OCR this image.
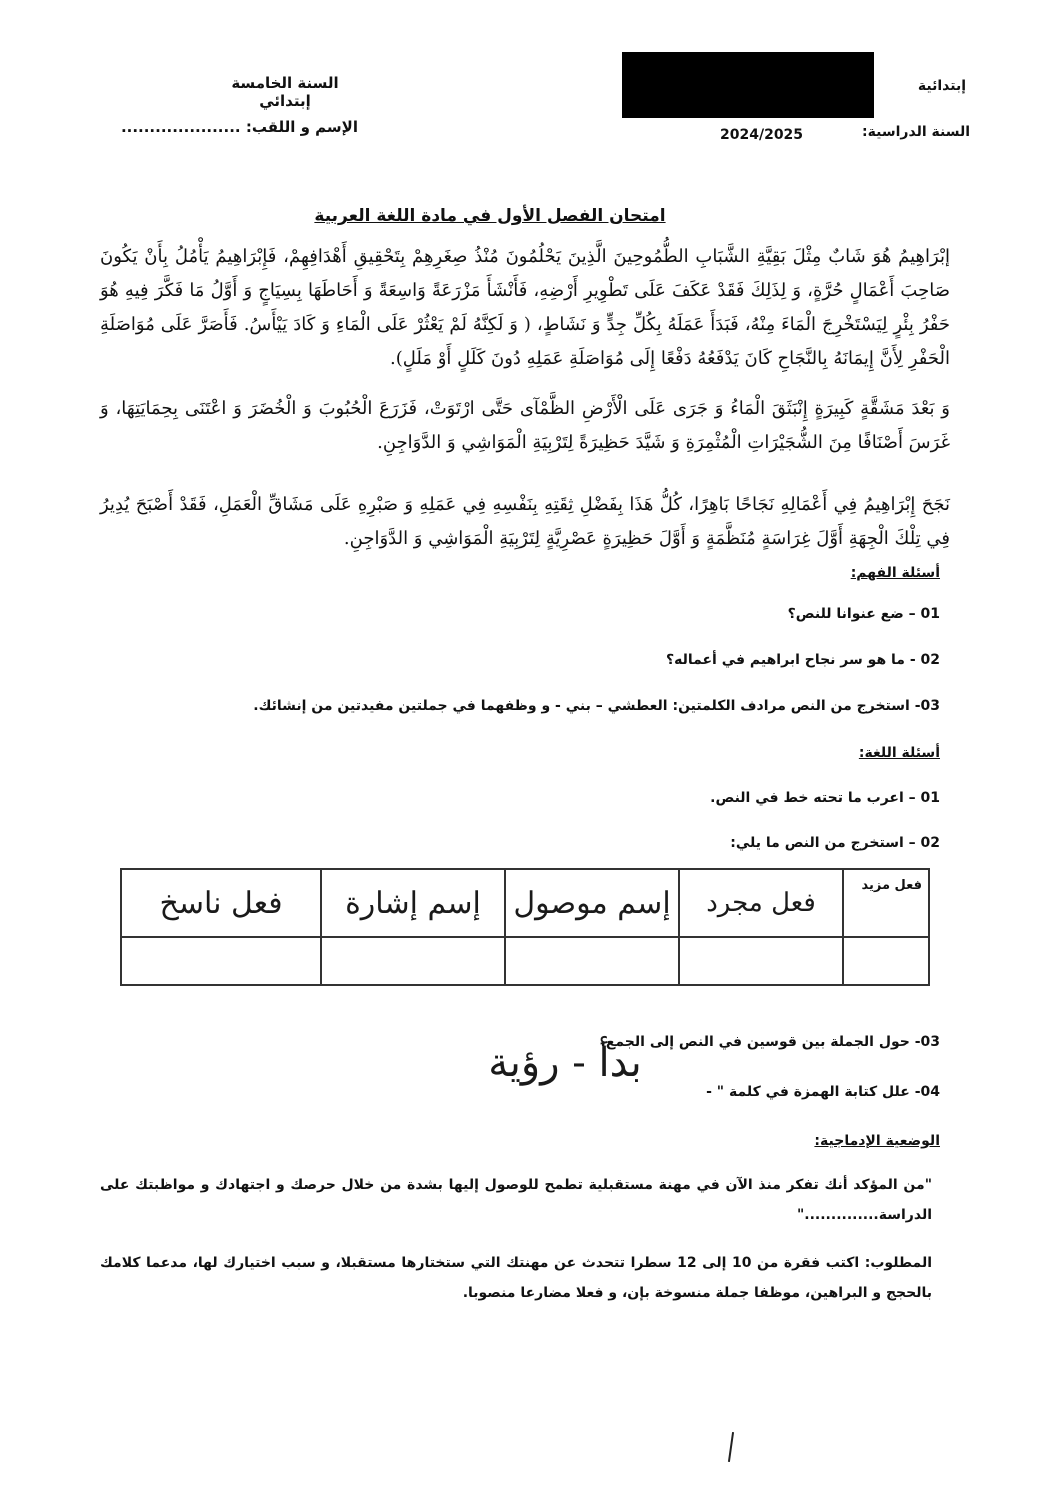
السنة الخامسة إبتدائي
الإسم و اللقب: .....................
إبتدائية
السنة الدراسية:
2024/2025
امتحان الفصل الأول في مادة اللغة العربية
إبْرَاهِيمُ هُوَ شَابٌ مِثْلَ بَقِيَّةِ الشَّبَابِ الطُّمُوحِينَ الَّذِينَ يَحْلُمُونَ مُنْذُ صِغَرِهِمْ بِتَحْقِيقِ أَهْدَافِهِمْ، فَإِبْرَاهِيمُ يَأْمُلُ بِأَنْ يَكُونَ صَاحِبَ أَعْمَالٍ حُرَّةٍ، وَ لِذَلِكَ فَقَدْ عَكَفَ عَلَى تَطْوِيرِ أَرْضِهِ، فَأَنْشَأَ مَزْرَعَةً وَاسِعَةً وَ أَحَاطَهَا بِسِيَاجٍ وَ أَوَّلُ مَا فَكَّرَ فِيهِ هُوَ حَفْرُ بِئْرٍ لِيَسْتَخْرِجَ الْمَاءَ مِنْهُ، فَبَدَأَ عَمَلَهُ بِكُلِّ جِدٍّ وَ نَشَاطٍ، ( وَ لَكِنَّهُ لَمْ يَعْثُرْ عَلَى الْمَاءِ وَ كَادَ يَيْأَسُ. فَأَصَرَّ عَلَى مُوَاصَلَةِ الْحَفْرِ لِأَنَّ إِيمَانَهُ بِالنَّجَاحِ كَانَ يَدْفَعُهُ دَفْعًا إِلَى مُوَاصَلَةِ عَمَلِهِ دُونَ كَلَلٍ أَوْ مَلَلٍ).
وَ بَعْدَ مَشَقَّةٍ كَبِيرَةٍ إِنْبَثَقَ الْمَاءُ وَ جَرَى عَلَى الْأَرْضِ الظَّمْآى حَتَّى ارْتَوَتْ، فَزَرَعَ الْحُبُوبَ وَ الْخُضَرَ وَ اعْتَنَى بِحِمَايَتِهَا، وَ غَرَسَ أَصْنَافًا مِنَ الشُّجَيْرَاتِ الْمُثْمِرَةِ وَ شَيَّدَ حَظِيرَةً لِتَرْبِيَةِ الْمَوَاشِي وَ الدَّوَاجِنِ.
نَجَحَ إِبْرَاهِيمُ فِي أَعْمَالِهِ نَجَاحًا بَاهِرًا، كُلُّ هَذَا بِفَضْلِ ثِقَتِهِ بِنَفْسِهِ فِي عَمَلِهِ وَ صَبْرِهِ عَلَى مَشَاقِّ الْعَمَلِ، فَقَدْ أَصْبَحَ يُدِيرُ فِي تِلْكَ الْجِهَةِ أَوَّلَ غِرَاسَةٍ مُنَظَّمَةٍ وَ أَوَّلَ حَظِيرَةٍ عَصْرِيَّةٍ لِتَرْبِيَةِ الْمَوَاشِي وَ الدَّوَاجِنِ.
أسئلة الفهم:
01 – ضع عنوانا للنص؟
02 - ما هو سر نجاح ابراهيم في أعماله؟
03- استخرج من النص مرادف الكلمتين: العطشي – بني - و وظفهما في جملتين مفيدتين من إنشائك.
أسئلة اللغة:
01 – اعرب ما تحته خط في النص.
02 – استخرج من النص ما يلي:
فعل مزيد	فعل مجرد	إسم موصول	إسم إشارة	فعل ناسخ

03- حول الجملة بين قوسين في النص إلى الجمع.
04- علل كتابة الهمزة في كلمة " -
بدأ - رؤية
الوضعية الإدماجية:
"من المؤكد أنك تفكر منذ الآن في مهنة مستقبلية تطمح للوصول إليها بشدة من خلال حرصك و اجتهادك و مواظبتك على الدراسة.............."
المطلوب: اكتب فقرة من 10 إلى 12 سطرا تتحدث عن مهنتك التي ستختارها مستقبلا، و سبب اختيارك لها، مدعما كلامك بالحجج و البراهين، موظفا جملة منسوخة بإن، و فعلا مضارعا منصوبا.
